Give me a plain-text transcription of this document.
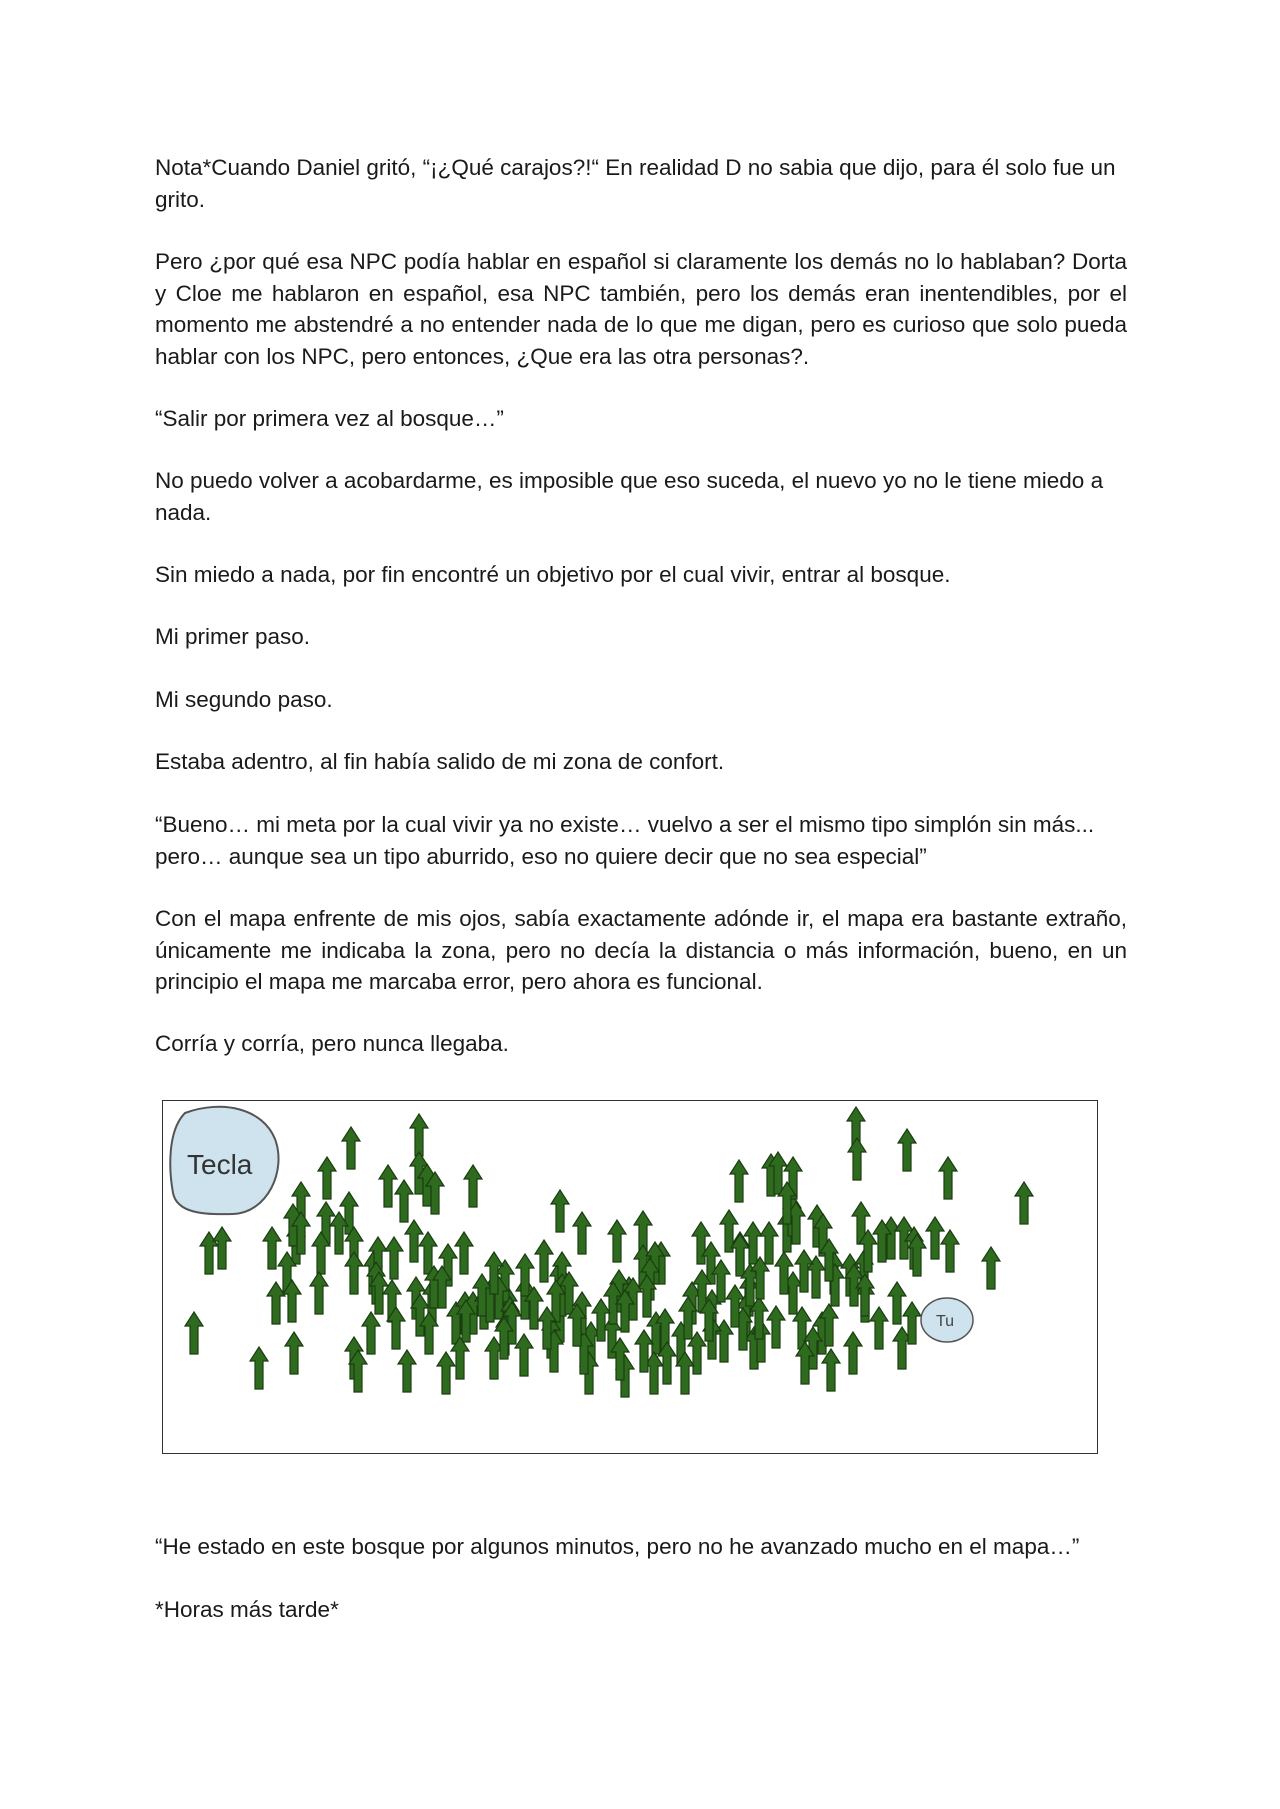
Nota*Cuando Daniel gritó, “¡¿Qué carajos?!“ En realidad D no sabia que dijo, para él solo fue un grito.

Pero ¿por qué esa NPC podía hablar en español si claramente los demás no lo hablaban? Dorta y Cloe me hablaron en español, esa NPC también, pero los demás eran inentendibles, por el momento me abstendré a no entender nada de lo que me digan, pero es curioso que solo pueda hablar con los NPC, pero entonces, ¿Que era las otra personas?.

“Salir por primera vez al bosque…”

No puedo volver a acobardarme, es imposible que eso suceda, el nuevo yo no le tiene miedo a nada.

Sin miedo a nada, por fin encontré un objetivo por el cual vivir, entrar al bosque.

Mi primer paso.

Mi segundo paso.

Estaba adentro, al fin había salido de mi zona de confort.

“Bueno… mi meta por la cual vivir ya no existe… vuelvo a ser el mismo tipo simplón sin más... pero… aunque sea un tipo aburrido, eso no quiere decir que no sea especial”

Con el mapa enfrente de mis ojos, sabía exactamente adónde ir, el mapa era bastante extraño, únicamente me indicaba la zona, pero no decía la distancia o más información, bueno, en un principio el mapa me marcaba error, pero ahora es funcional.

Corría y corría, pero nunca llegaba.

Tecla
Tu

“He estado en este bosque por algunos minutos, pero no he avanzado mucho en el mapa…”

*Horas más tarde*
